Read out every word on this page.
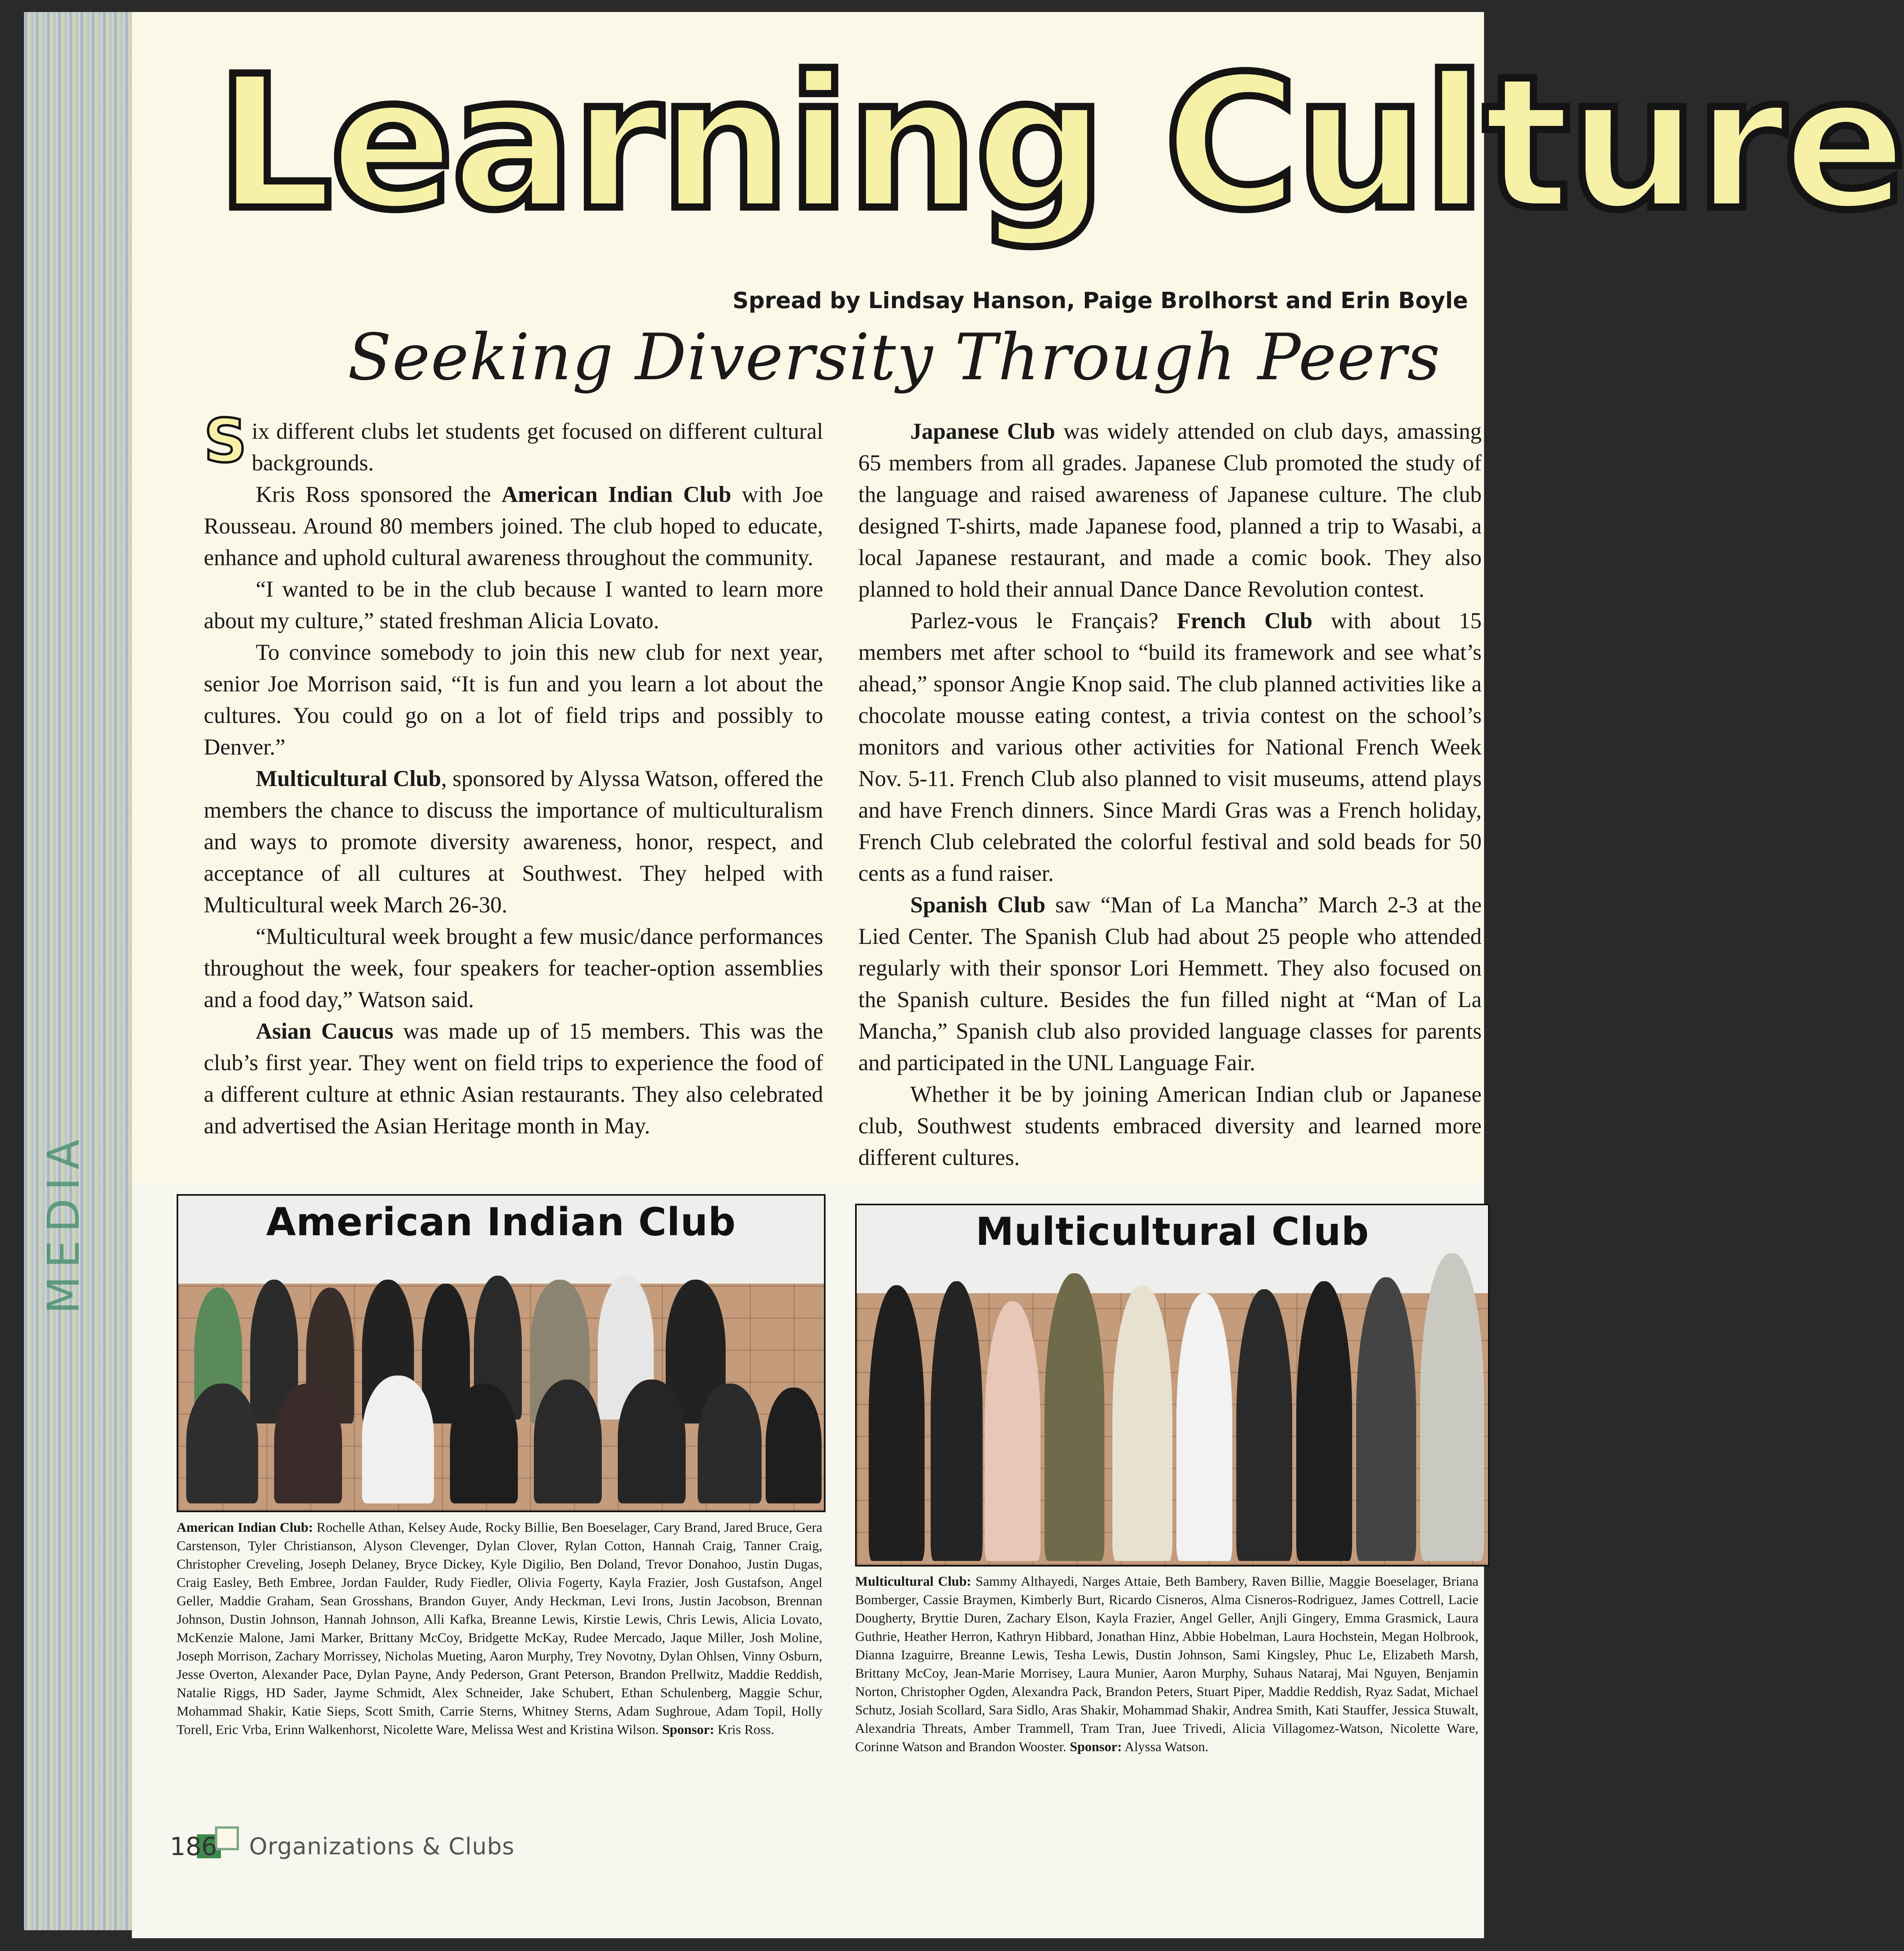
MEDIA
Learning Culture
Spread by Lindsay Hanson, Paige Brolhorst and Erin Boyle
Seeking Diversity Through Peers

Six different clubs let students get focused on different cultural backgrounds.

Kris Ross sponsored the American Indian Club with Joe Rousseau. Around 80 members joined. The club hoped to educate, enhance and uphold cultural awareness throughout the community.

“I wanted to be in the club because I wanted to learn more about my culture,” stated freshman Alicia Lovato.

To convince somebody to join this new club for next year, senior Joe Morrison said, “It is fun and you learn a lot about the cultures. You could go on a lot of field trips and possibly to Denver.”

Multicultural Club, sponsored by Alyssa Watson, offered the members the chance to discuss the importance of multiculturalism and ways to promote diversity awareness, honor, respect, and acceptance of all cultures at Southwest. They helped with Multicultural week March 26-30.

“Multicultural week brought a few music/dance performances throughout the week, four speakers for teacher-option assemblies and a food day,” Watson said.

Asian Caucus was made up of 15 members. This was the club’s first year. They went on field trips to experience the food of a different culture at ethnic Asian restaurants. They also celebrated and advertised the Asian Heritage month in May.

Japanese Club was widely attended on club days, amassing 65 members from all grades. Japanese Club promoted the study of the language and raised awareness of Japanese culture. The club designed T-shirts, made Japanese food, planned a trip to Wasabi, a local Japanese restaurant, and made a comic book. They also planned to hold their annual Dance Dance Revolution contest.

Parlez-vous le Français? French Club with about 15 members met after school to “build its framework and see what’s ahead,” sponsor Angie Knop said. The club planned activities like a chocolate mousse eating contest, a trivia contest on the school’s monitors and various other activities for National French Week Nov. 5-11. French Club also planned to visit museums, attend plays and have French dinners. Since Mardi Gras was a French holiday, French Club celebrated the colorful festival and sold beads for 50 cents as a fund raiser.

Spanish Club saw “Man of La Mancha” March 2-3 at the Lied Center. The Spanish Club had about 25 people who attended regularly with their sponsor Lori Hemmett. They also focused on the Spanish culture. Besides the fun filled night at “Man of La Mancha,” Spanish club also provided language classes for parents and participated in the UNL Language Fair.

Whether it be by joining American Indian club or Japanese club, Southwest students embraced diversity and learned more different cultures.

American Indian Club
American Indian Club: Rochelle Athan, Kelsey Aude, Rocky Billie, Ben Boeselager, Cary Brand, Jared Bruce, Gera Carstenson, Tyler Christianson, Alyson Clevenger, Dylan Clover, Rylan Cotton, Hannah Craig, Tanner Craig, Christopher Creveling, Joseph Delaney, Bryce Dickey, Kyle Digilio, Ben Doland, Trevor Donahoo, Justin Dugas, Craig Easley, Beth Embree, Jordan Faulder, Rudy Fiedler, Olivia Fogerty, Kayla Frazier, Josh Gustafson, Angel Geller, Maddie Graham, Sean Grosshans, Brandon Guyer, Andy Heckman, Levi Irons, Justin Jacobson, Brennan Johnson, Dustin Johnson, Hannah Johnson, Alli Kafka, Breanne Lewis, Kirstie Lewis, Chris Lewis, Alicia Lovato, McKenzie Malone, Jami Marker, Brittany McCoy, Bridgette McKay, Rudee Mercado, Jaque Miller, Josh Moline, Joseph Morrison, Zachary Morrissey, Nicholas Mueting, Aaron Murphy, Trey Novotny, Dylan Ohlsen, Vinny Osburn, Jesse Overton, Alexander Pace, Dylan Payne, Andy Pederson, Grant Peterson, Brandon Prellwitz, Maddie Reddish, Natalie Riggs, HD Sader, Jayme Schmidt, Alex Schneider, Jake Schubert, Ethan Schulenberg, Maggie Schur, Mohammad Shakir, Katie Sieps, Scott Smith, Carrie Sterns, Whitney Sterns, Adam Sughroue, Adam Topil, Holly Torell, Eric Vrba, Erinn Walkenhorst, Nicolette Ware, Melissa West and Kristina Wilson. Sponsor: Kris Ross.
Multicultural Club
Multicultural Club: Sammy Althayedi, Narges Attaie, Beth Bambery, Raven Billie, Maggie Boeselager, Briana Bomberger, Cassie Braymen, Kimberly Burt, Ricardo Cisneros, Alma Cisneros-Rodriguez, James Cottrell, Lacie Dougherty, Bryttie Duren, Zachary Elson, Kayla Frazier, Angel Geller, Anjli Gingery, Emma Grasmick, Laura Guthrie, Heather Herron, Kathryn Hibbard, Jonathan Hinz, Abbie Hobelman, Laura Hochstein, Megan Holbrook, Dianna Izaguirre, Breanne Lewis, Tesha Lewis, Dustin Johnson, Sami Kingsley, Phuc Le, Elizabeth Marsh, Brittany McCoy, Jean-Marie Morrisey, Laura Munier, Aaron Murphy, Suhaus Nataraj, Mai Nguyen, Benjamin Norton, Christopher Ogden, Alexandra Pack, Brandon Peters, Stuart Piper, Maddie Reddish, Ryaz Sadat, Michael Schutz, Josiah Scollard, Sara Sidlo, Aras Shakir, Mohammad Shakir, Andrea Smith, Kati Stauffer, Jessica Stuwalt, Alexandria Threats, Amber Trammell, Tram Tran, Juee Trivedi, Alicia Villagomez-Watson, Nicolette Ware, Corinne Watson and Brandon Wooster. Sponsor: Alyssa Watson.
186 Organizations & Clubs
